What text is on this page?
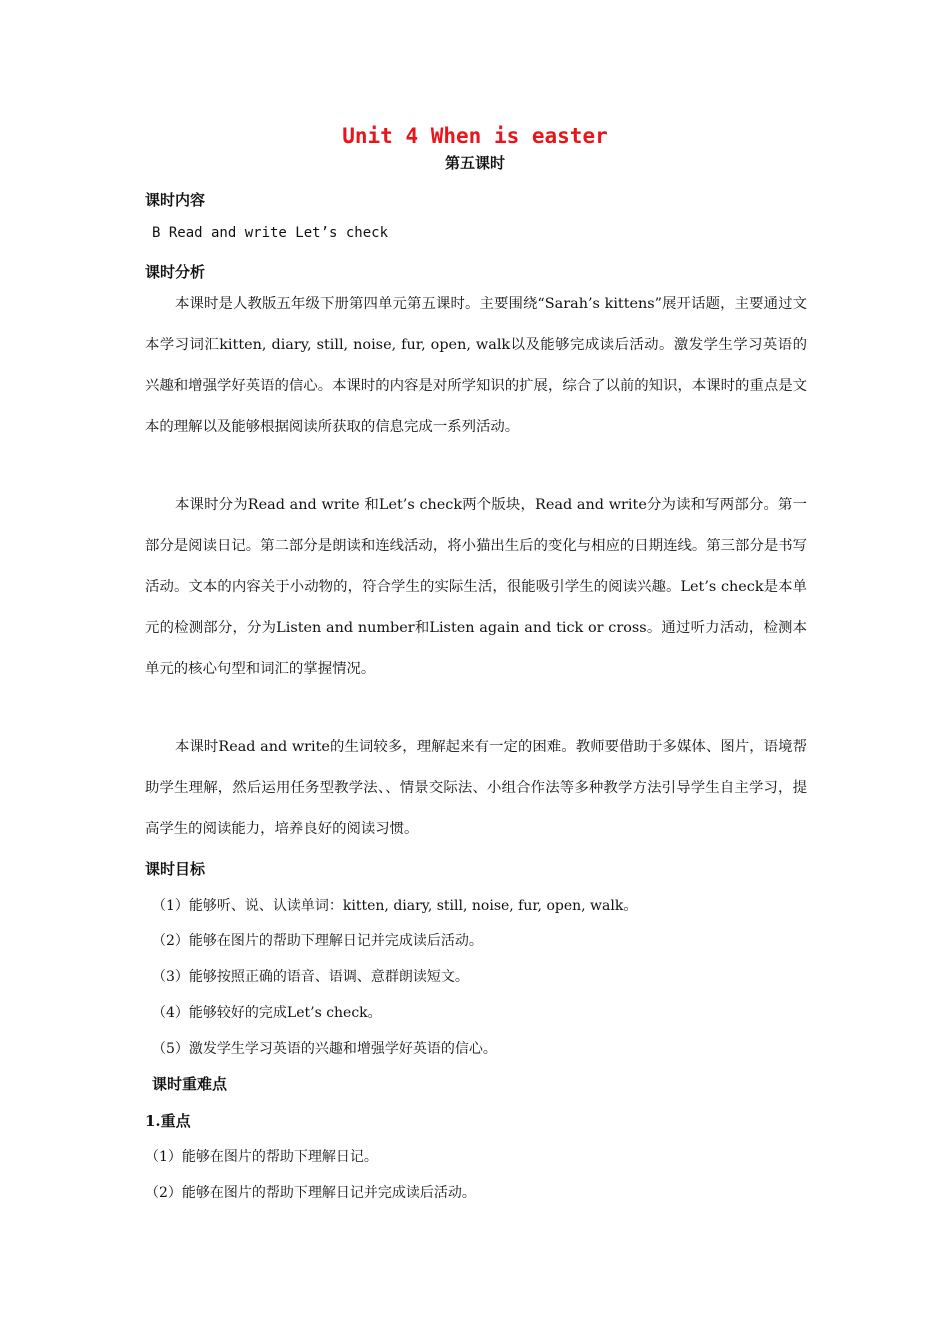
Unit 4 When is easter
第五课时
课时内容
B Read and write Let’s check
课时分析

本课时是人教版五年级下册第四单元第五课时。主要围绕“Sarah’s kittens”展开话题，主要通过文本学习词汇kitten, diary, still, noise, fur, open, walk以及能够完成读后活动。激发学生学习英语的兴趣和增强学好英语的信心。本课时的内容是对所学知识的扩展，综合了以前的知识，本课时的重点是文本的理解以及能够根据阅读所获取的信息完成一系列活动。

本课时分为Read and write 和Let’s check两个版块，Read and write分为读和写两部分。第一部分是阅读日记。第二部分是朗读和连线活动，将小猫出生后的变化与相应的日期连线。第三部分是书写活动。文本的内容关于小动物的，符合学生的实际生活，很能吸引学生的阅读兴趣。Let’s check是本单元的检测部分，分为Listen and number和Listen again and tick or cross。通过听力活动，检测本单元的核心句型和词汇的掌握情况。

本课时Read and write的生词较多，理解起来有一定的困难。教师要借助于多媒体、图片，语境帮助学生理解，然后运用任务型教学法、、情景交际法、小组合作法等多种教学方法引导学生自主学习，提高学生的阅读能力，培养良好的阅读习惯。

课时目标
（1）能够听、说、认读单词：kitten, diary, still, noise, fur, open, walk。
（2）能够在图片的帮助下理解日记并完成读后活动。
（3）能够按照正确的语音、语调、意群朗读短文。
（4）能够较好的完成Let’s check。
（5）激发学生学习英语的兴趣和增强学好英语的信心。
课时重难点
1.重点
（1）能够在图片的帮助下理解日记。
（2）能够在图片的帮助下理解日记并完成读后活动。
